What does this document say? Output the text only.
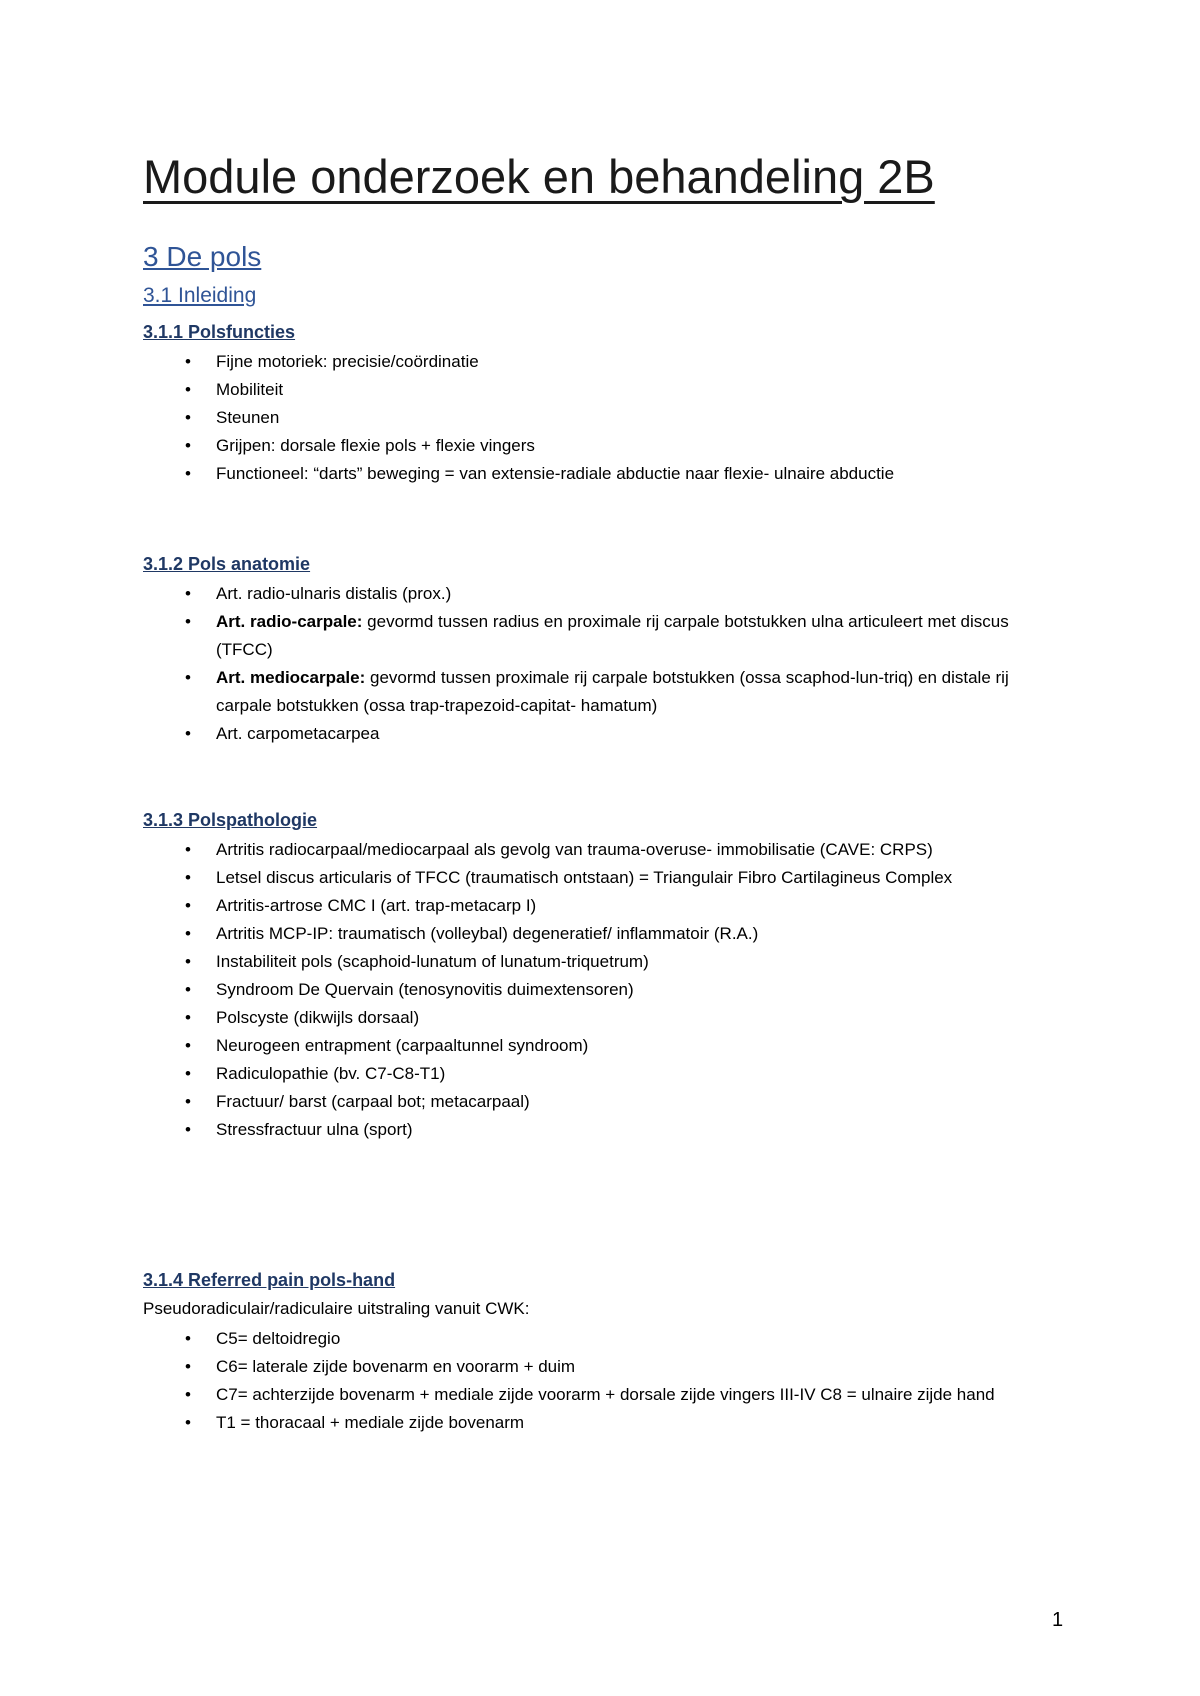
Module onderzoek en behandeling 2B
3 De pols
3.1 Inleiding
3.1.1 Polsfuncties
• Fijne motoriek: precisie/coördinatie
• Mobiliteit
• Steunen
• Grijpen: dorsale flexie pols + flexie vingers
• Functioneel: “darts” beweging = van extensie-radiale abductie naar flexie- ulnaire abductie
3.1.2 Pols anatomie
• Art. radio-ulnaris distalis (prox.)
• Art. radio-carpale: gevormd tussen radius en proximale rij carpale botstukken ulna articuleert met discus (TFCC)
• Art. mediocarpale: gevormd tussen proximale rij carpale botstukken (ossa scaphod-lun-triq) en distale rij carpale botstukken (ossa trap-trapezoid-capitat- hamatum)
• Art. carpometacarpea
3.1.3 Polspathologie
• Artritis radiocarpaal/mediocarpaal als gevolg van trauma-overuse- immobilisatie (CAVE: CRPS)
• Letsel discus articularis of TFCC (traumatisch ontstaan) = Triangulair Fibro Cartilagineus Complex
• Artritis-artrose CMC I (art. trap-metacarp I)
• Artritis MCP-IP: traumatisch (volleybal) degeneratief/ inflammatoir (R.A.)
• Instabiliteit pols (scaphoid-lunatum of lunatum-triquetrum)
• Syndroom De Quervain (tenosynovitis duimextensoren)
• Polscyste (dikwijls dorsaal)
• Neurogeen entrapment (carpaaltunnel syndroom)
• Radiculopathie (bv. C7-C8-T1)
• Fractuur/ barst (carpaal bot; metacarpaal)
• Stressfractuur ulna (sport)
3.1.4 Referred pain pols-hand

Pseudoradiculair/radiculaire uitstraling vanuit CWK:

• C5= deltoidregio
• C6= laterale zijde bovenarm en voorarm + duim
• C7= achterzijde bovenarm + mediale zijde voorarm + dorsale zijde vingers III-IV C8 = ulnaire zijde hand
• T1 = thoracaal + mediale zijde bovenarm

1
